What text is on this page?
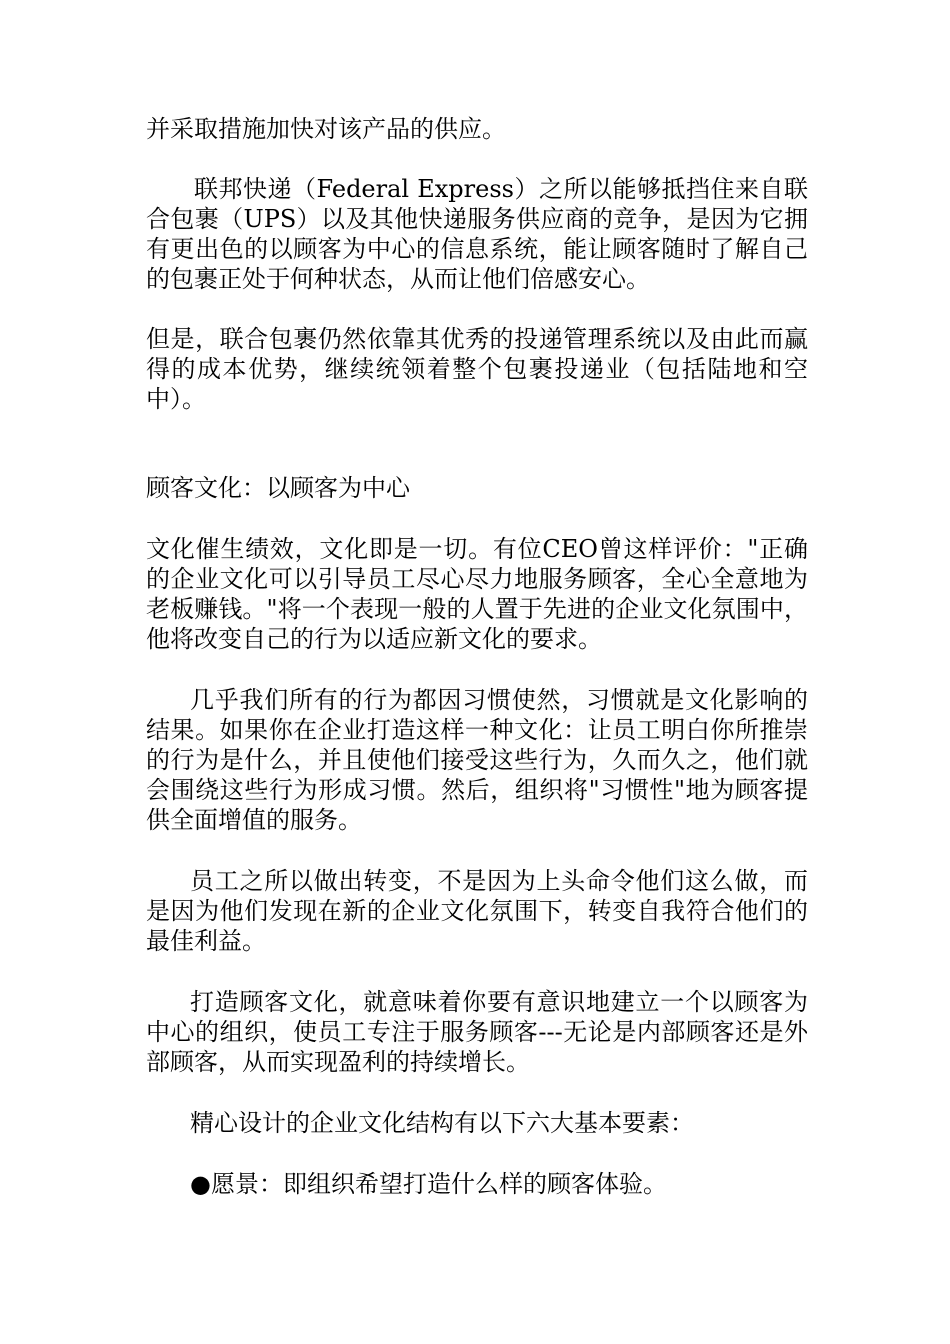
并采取措施加快对该产品的供应。

联邦快递（Federal Express）之所以能够抵挡住来自联合包裹（UPS）以及其他快递服务供应商的竞争，是因为它拥有更出色的以顾客为中心的信息系统，能让顾客随时了解自己的包裹正处于何种状态，从而让他们倍感安心。

但是，联合包裹仍然依靠其优秀的投递管理系统以及由此而赢得的成本优势，继续统领着整个包裹投递业（包括陆地和空中）。

顾客文化：以顾客为中心

文化催生绩效，文化即是一切。有位CEO曾这样评价："正确的企业文化可以引导员工尽心尽力地服务顾客，全心全意地为老板赚钱。"将一个表现一般的人置于先进的企业文化氛围中，他将改变自己的行为以适应新文化的要求。

几乎我们所有的行为都因习惯使然，习惯就是文化影响的结果。如果你在企业打造这样一种文化：让员工明白你所推崇的行为是什么，并且使他们接受这些行为，久而久之，他们就会围绕这些行为形成习惯。然后，组织将"习惯性"地为顾客提供全面增值的服务。

员工之所以做出转变，不是因为上头命令他们这么做，而是因为他们发现在新的企业文化氛围下，转变自我符合他们的最佳利益。

打造顾客文化，就意味着你要有意识地建立一个以顾客为中心的组织，使员工专注于服务顾客---无论是内部顾客还是外部顾客，从而实现盈利的持续增长。

精心设计的企业文化结构有以下六大基本要素：

●愿景：即组织希望打造什么样的顾客体验。
